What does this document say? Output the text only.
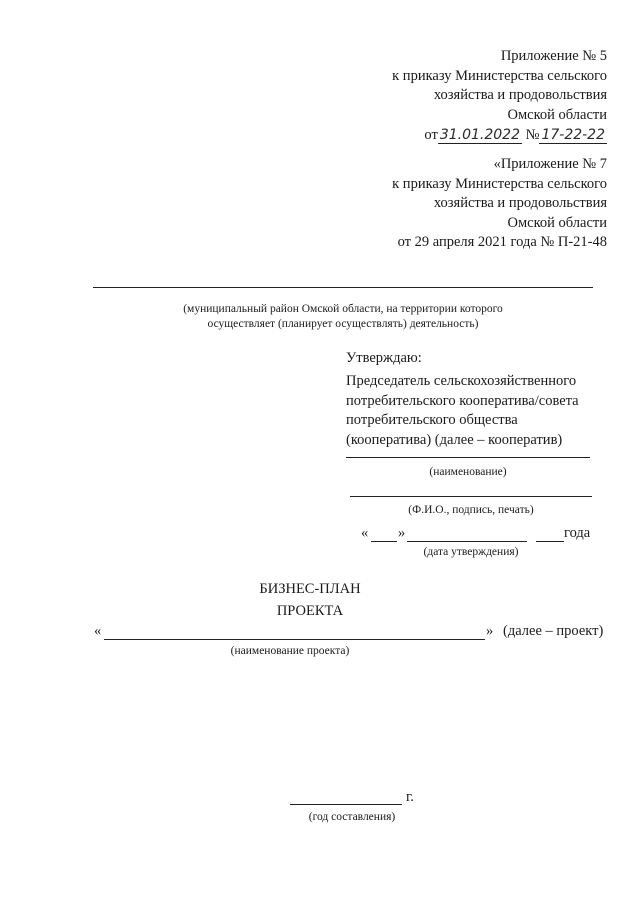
Приложение № 5
к приказу Министерства сельского
хозяйства и продовольствия
Омской области
от 31.01.2022 № 17-22-22
«Приложение № 7
к приказу Министерства сельского
хозяйства и продовольствия
Омской области
от 29 апреля 2021 года № П-21-48
(муниципальный район Омской области, на территории которого
осуществляет (планирует осуществлять) деятельность)
Утверждаю:
Председатель сельскохозяйственного
потребительского кооператива/совета
потребительского общества
(кооператива) (далее – кооператив)
(наименование)
(Ф.И.О., подпись, печать)
« »	года
(дата утверждения)
БИЗНЕС-ПЛАН
ПРОЕКТА
«	» (далее – проект)
(наименование проекта)
г.
(год составления)
